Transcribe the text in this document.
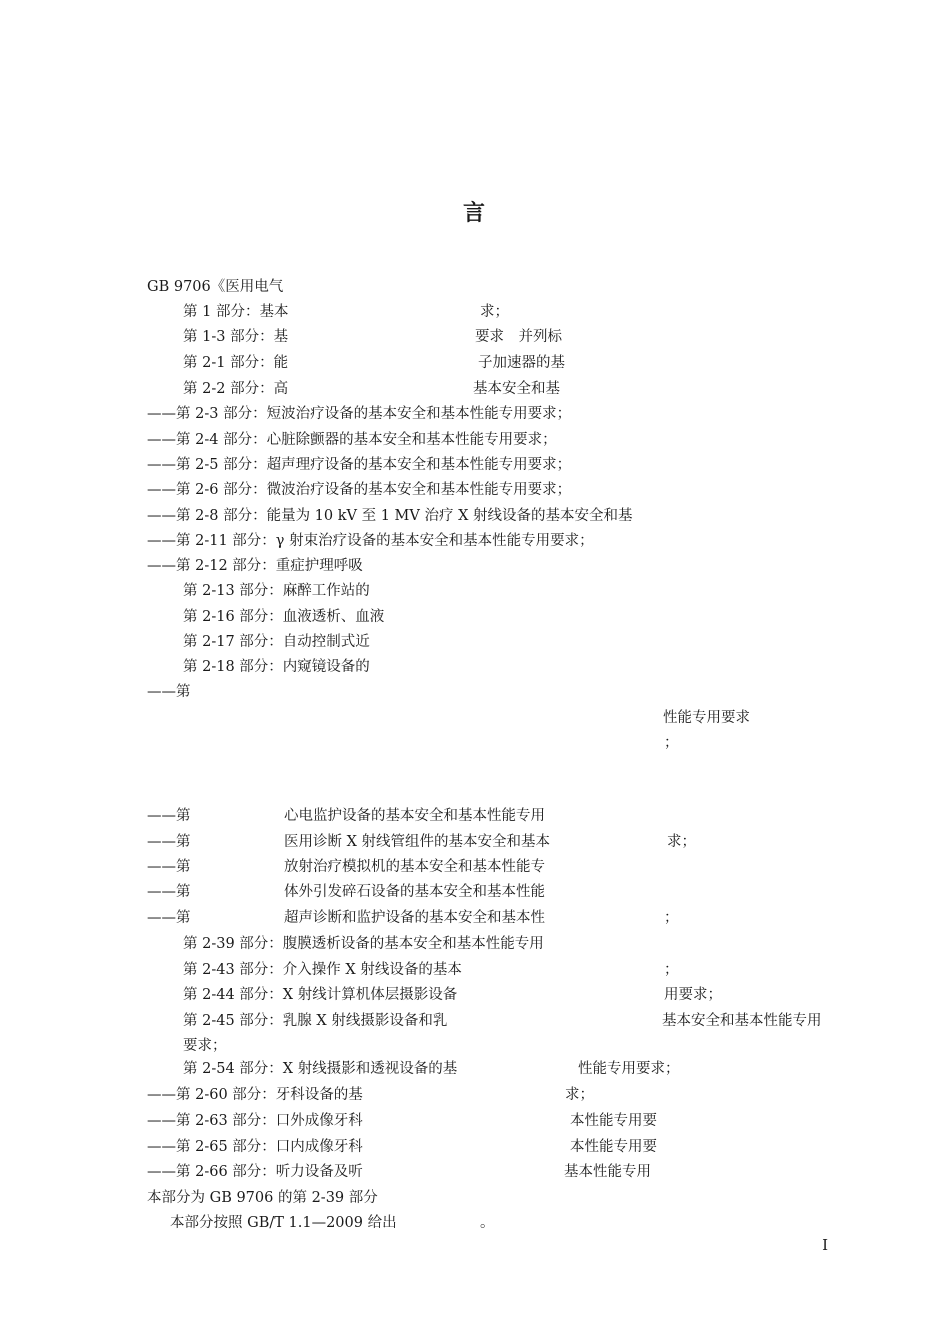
言
GB 9706《医用电气
第 1 部分：基本	求；
第 1-3 部分：基	要求　并列标
第 2-1 部分：能	子加速器的基
第 2-2 部分：高	基本安全和基
——第 2-3 部分：短波治疗设备的基本安全和基本性能专用要求；
——第 2-4 部分：心脏除颤器的基本安全和基本性能专用要求；
——第 2-5 部分：超声理疗设备的基本安全和基本性能专用要求；
——第 2-6 部分：微波治疗设备的基本安全和基本性能专用要求；
——第 2-8 部分：能量为 10 kV 至 1 MV 治疗 X 射线设备的基本安全和基
——第 2-11 部分：γ 射束治疗设备的基本安全和基本性能专用要求；
——第 2-12 部分：重症护理呼吸
第 2-13 部分：麻醉工作站的
第 2-16 部分：血液透析、血液
第 2-17 部分：自动控制式近
第 2-18 部分：内窥镜设备的
——第
性能专用要求
；
——第	心电监护设备的基本安全和基本性能专用
——第	医用诊断 X 射线管组件的基本安全和基本	求；
——第	放射治疗模拟机的基本安全和基本性能专
——第	体外引发碎石设备的基本安全和基本性能
——第	超声诊断和监护设备的基本安全和基本性	；
第 2-39 部分：腹膜透析设备的基本安全和基本性能专用
第 2-43 部分：介入操作 X 射线设备的基本	；
第 2-44 部分：X 射线计算机体层摄影设备	用要求；
第 2-45 部分：乳腺 X 射线摄影设备和乳	基本安全和基本性能专用
要求；
第 2-54 部分：X 射线摄影和透视设备的基	性能专用要求；
——第 2-60 部分：牙科设备的基	求；
——第 2-63 部分：口外成像牙科	本性能专用要
——第 2-65 部分：口内成像牙科	本性能专用要
——第 2-66 部分：听力设备及听	基本性能专用
本部分为 GB 9706 的第 2-39 部分
本部分按照 GB/T 1.1—2009 给出	。
I
